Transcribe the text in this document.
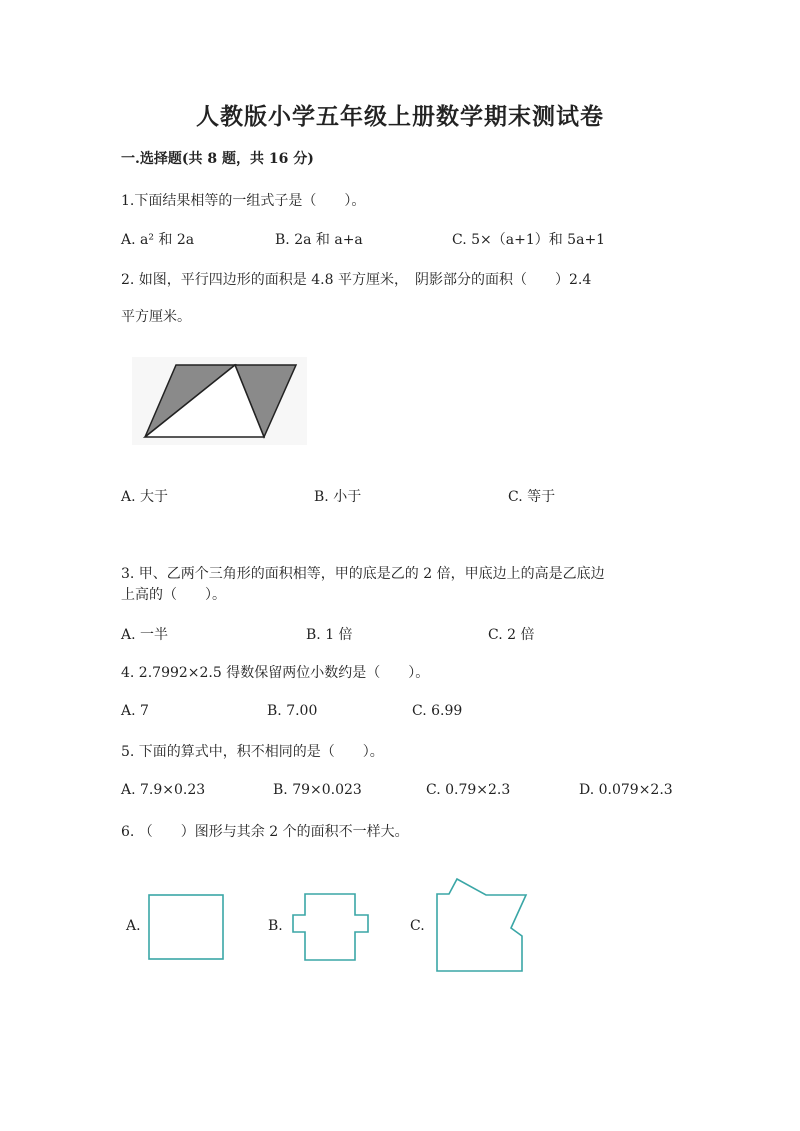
人教版小学五年级上册数学期末测试卷
一.选择题(共 8 题，共 16 分)
1.下面结果相等的一组式子是（　　）。
A. a² 和 2a	B. 2a 和 a+a	C. 5×（a+1）和 5a+1
2. 如图，平行四边形的面积是 4.8 平方厘米，　阴影部分的面积（　　）2.4
平方厘米。
A. 大于	B. 小于	C. 等于
3. 甲、乙两个三角形的面积相等，甲的底是乙的 2 倍，甲底边上的高是乙底边
上高的（　　）。
A. 一半	B. 1 倍	C. 2 倍
4. 2.7992×2.5 得数保留两位小数约是（　　）。
A. 7	B. 7.00	C. 6.99
5. 下面的算式中，积不相同的是（　　）。
A. 7.9×0.23	B. 79×0.023	C. 0.79×2.3	D. 0.079×2.3
6. （　　）图形与其余 2 个的面积不一样大。
A.	B.	C.
